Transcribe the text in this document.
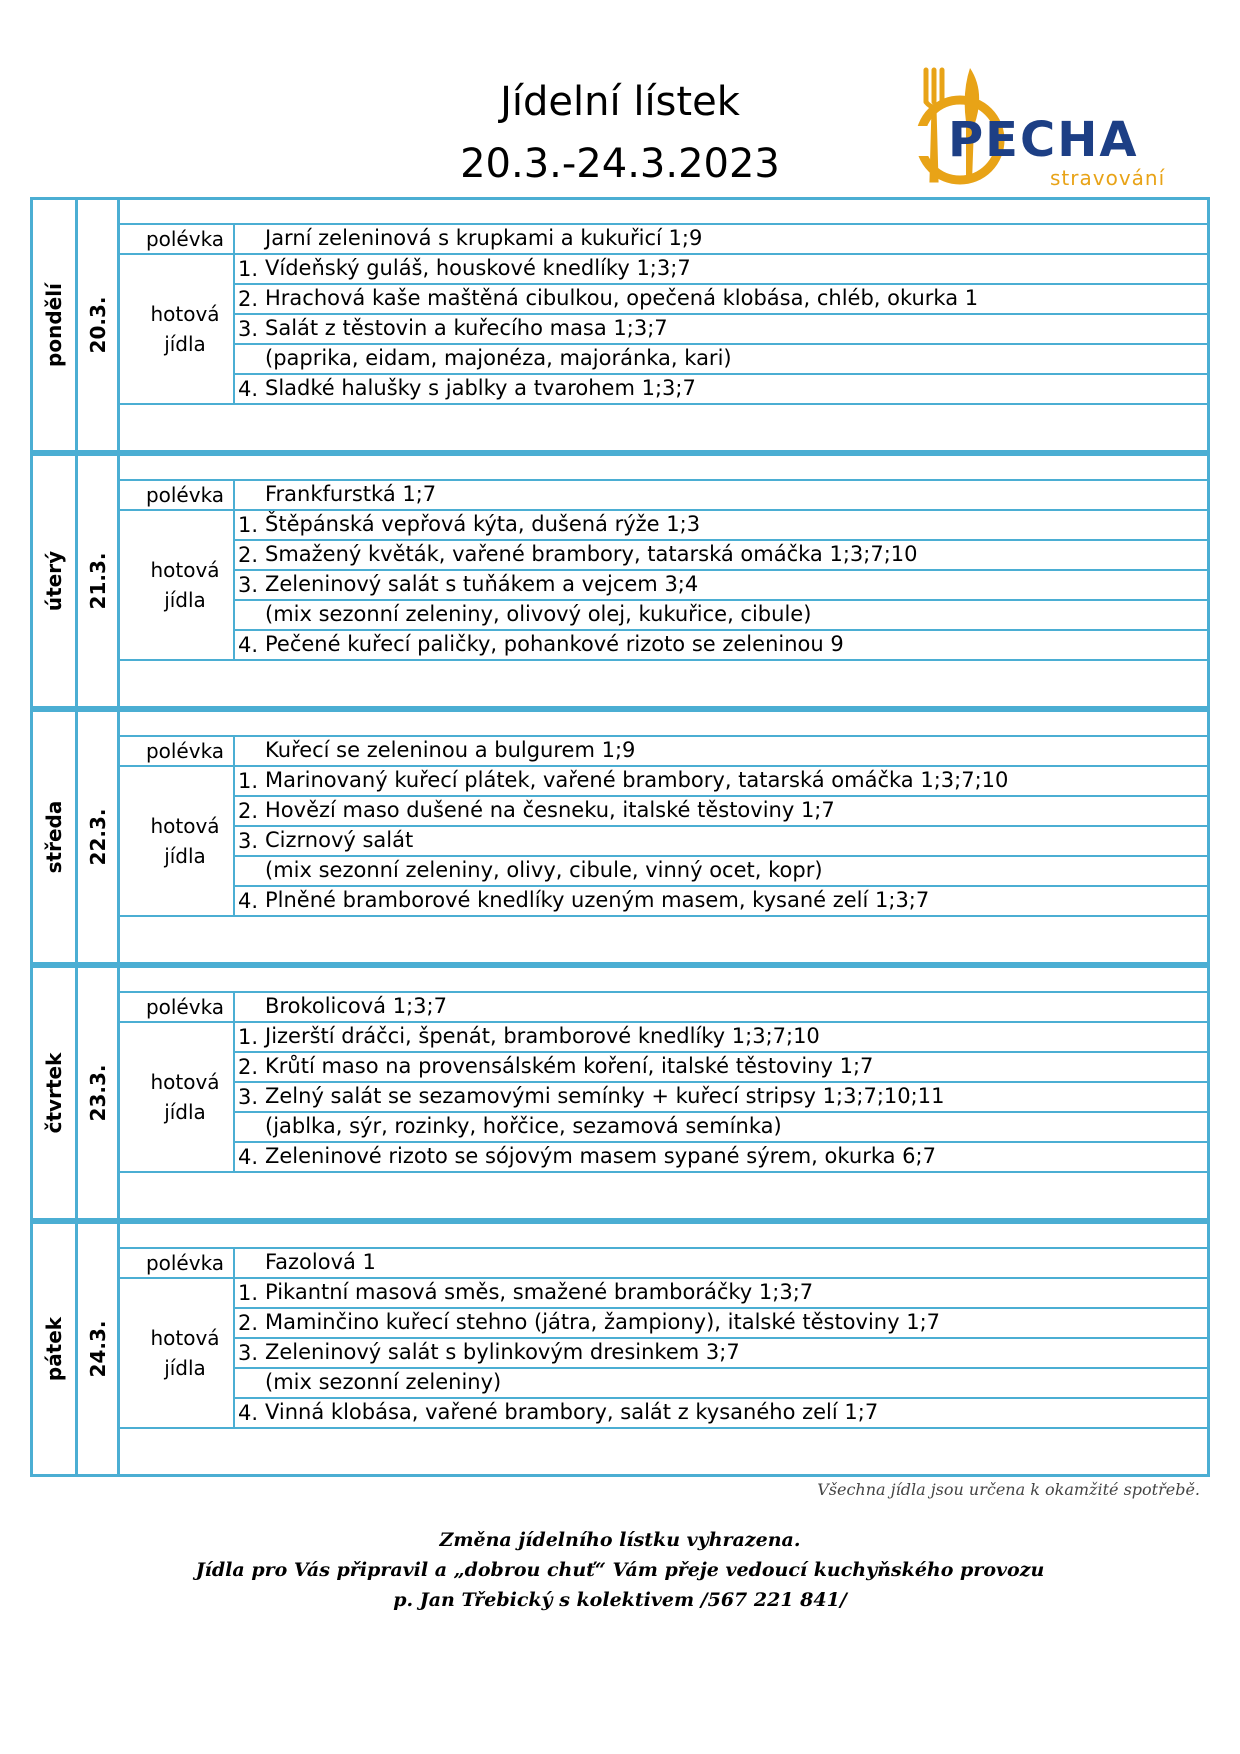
Jídelní lístek
20.3.-24.3.2023	PECHA
stravování
pondělí 20.3.
polévka
hotová
jídla
Jarní zeleninová s krupkami a kukuřicí 1;9
1. Vídeňský guláš, houskové knedlíky 1;3;7
2. Hrachová kaše maštěná cibulkou, opečená klobása, chléb, okurka 1
3. Salát z těstovin a kuřecího masa 1;3;7
(paprika, eidam, majonéza, majoránka, kari)
4. Sladké halušky s jablky a tvarohem 1;3;7
úterý 21.3.
polévka
hotová
jídla
Frankfurstká 1;7
1. Štěpánská vepřová kýta, dušená rýže 1;3
2. Smažený květák, vařené brambory, tatarská omáčka 1;3;7;10
3. Zeleninový salát s tuňákem a vejcem 3;4
(mix sezonní zeleniny, olivový olej, kukuřice, cibule)
4. Pečené kuřecí paličky, pohankové rizoto se zeleninou 9
středa 22.3.
polévka
hotová
jídla
Kuřecí se zeleninou a bulgurem 1;9
1. Marinovaný kuřecí plátek, vařené brambory, tatarská omáčka 1;3;7;10
2. Hovězí maso dušené na česneku, italské těstoviny 1;7
3. Cizrnový salát
(mix sezonní zeleniny, olivy, cibule, vinný ocet, kopr)
4. Plněné bramborové knedlíky uzeným masem, kysané zelí 1;3;7
čtvrtek 23.3.
polévka
hotová
jídla
Brokolicová 1;3;7
1. Jizerští dráčci, špenát, bramborové knedlíky 1;3;7;10
2. Krůtí maso na provensálském koření, italské těstoviny 1;7
3. Zelný salát se sezamovými semínky + kuřecí stripsy 1;3;7;10;11
(jablka, sýr, rozinky, hořčice, sezamová semínka)
4. Zeleninové rizoto se sójovým masem sypané sýrem, okurka 6;7
pátek 24.3.
polévka
hotová
jídla
Fazolová 1
1. Pikantní masová směs, smažené bramboráčky 1;3;7
2. Maminčino kuřecí stehno (játra, žampiony), italské těstoviny 1;7
3. Zeleninový salát s bylinkovým dresinkem 3;7
(mix sezonní zeleniny)
4. Vinná klobása, vařené brambory, salát z kysaného zelí 1;7
Všechna jídla jsou určena k okamžité spotřebě.
Změna jídelního lístku vyhrazena.
Jídla pro Vás připravil a „dobrou chuť“ Vám přeje vedoucí kuchyňského provozu
p. Jan Třebický s kolektivem /567 221 841/
